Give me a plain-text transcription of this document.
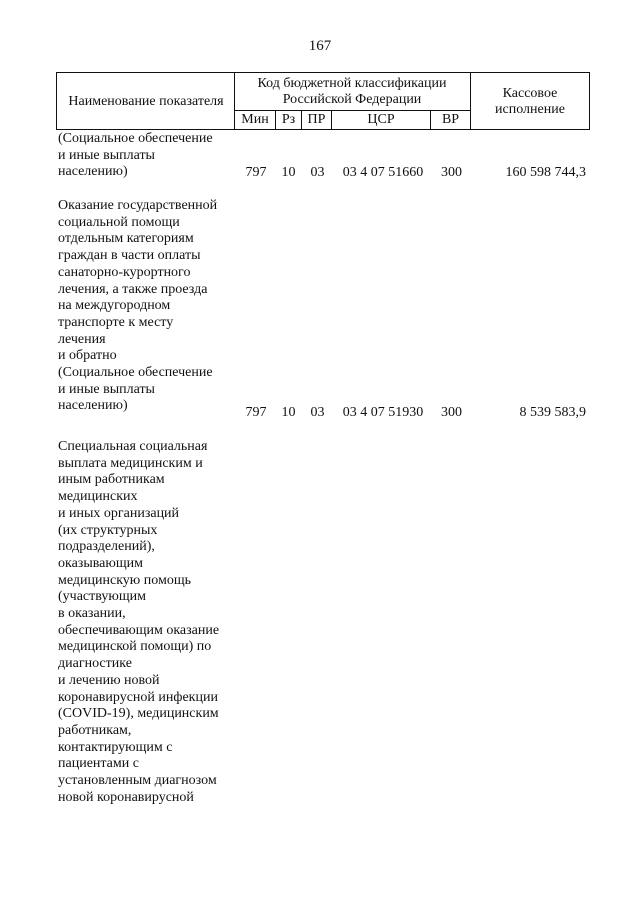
167
Наименование показателя
Код бюджетной классификации Российской Федерации	Кассовое исполнение
Мин Рз ПР	ЦСР	ВР
(Социальное обеспечение
и иные выплаты
населению)	797	10	03	03 4 07 51660	300	160 598 744,3
Оказание государственной
социальной помощи
отдельным категориям
граждан в части оплаты
санаторно-курортного
лечения, а также проезда
на междугородном
транспорте к месту
лечения
и обратно
(Социальное обеспечение
и иные выплаты
населению)	797	10	03	03 4 07 51930	300	8 539 583,9
Специальная социальная
выплата медицинским и
иным работникам
медицинских
и иных организаций
(их структурных
подразделений),
оказывающим
медицинскую помощь
(участвующим
в оказании,
обеспечивающим оказание
медицинской помощи) по
диагностике
и лечению новой
коронавирусной инфекции
(COVID-19), медицинским
работникам,
контактирующим с
пациентами с
установленным диагнозом
новой коронавирусной
